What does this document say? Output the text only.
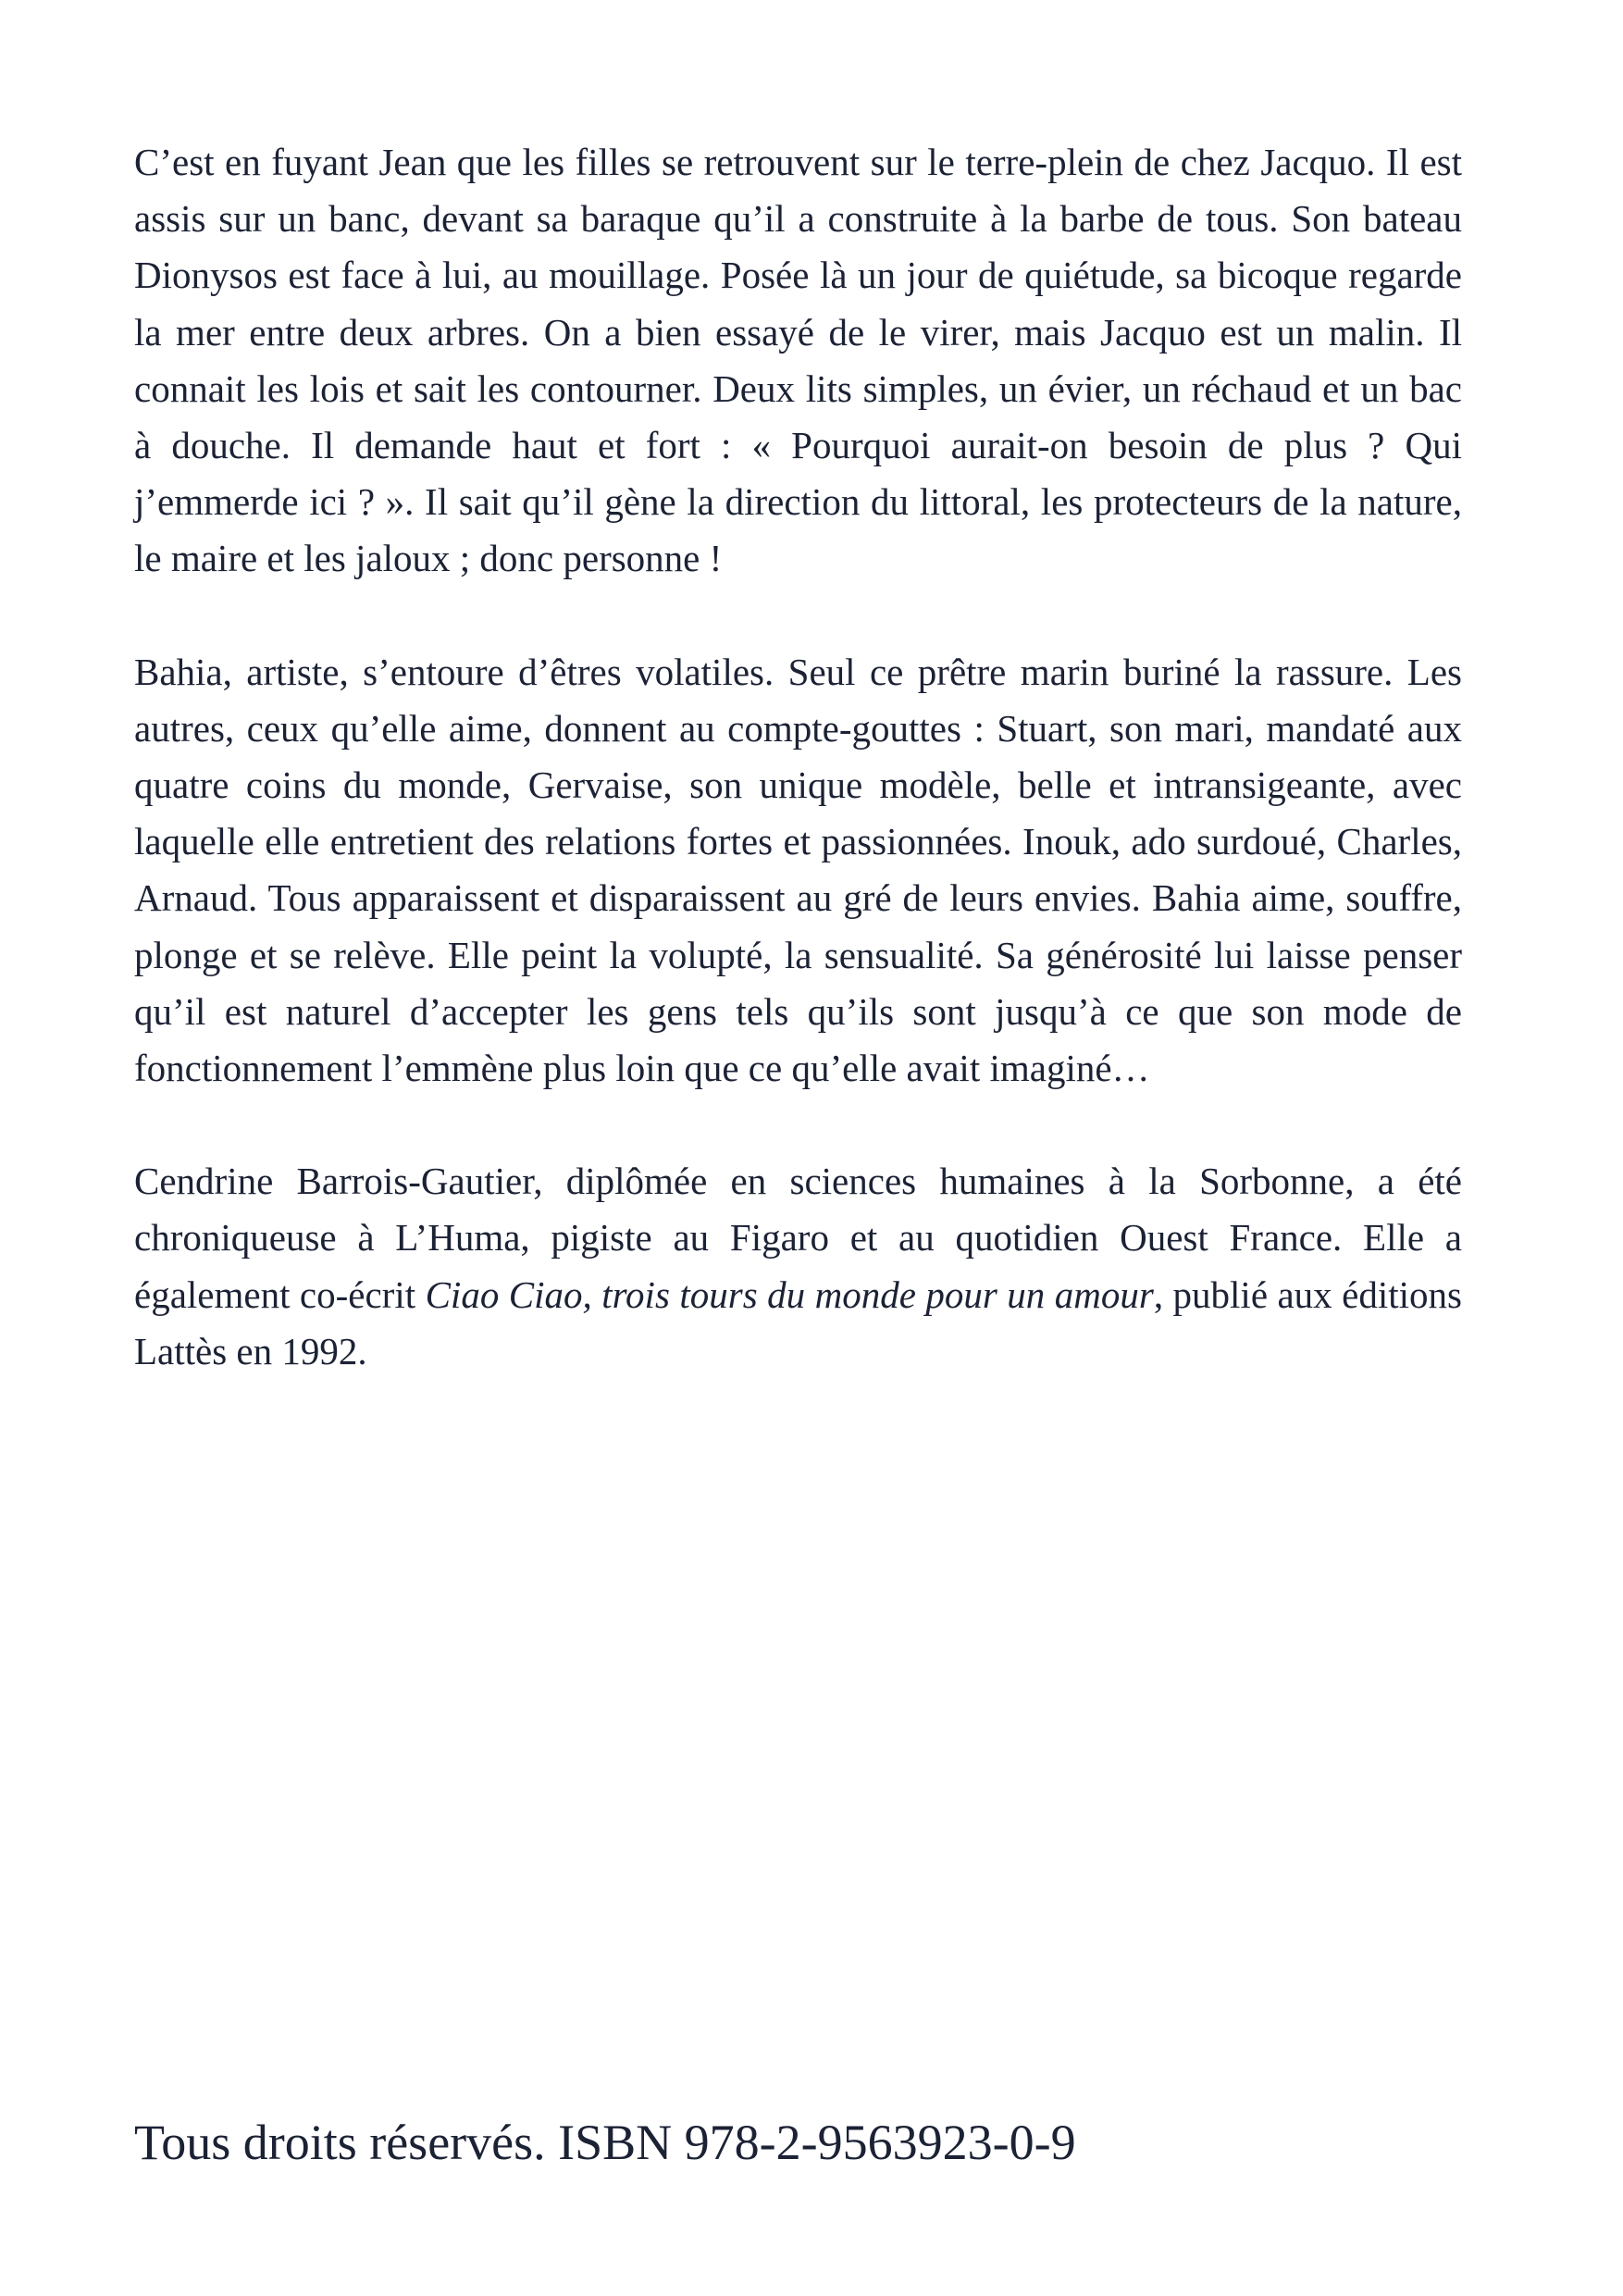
C’est en fuyant Jean que les filles se retrouvent sur le terre-plein de chez Jacquo. Il est assis sur un banc, devant sa baraque qu’il a construite à la barbe de tous. Son bateau Dionysos est face à lui, au mouillage. Posée là un jour de quiétude, sa bicoque regarde la mer entre deux arbres. On a bien essayé de le virer, mais Jacquo est un malin. Il connait les lois et sait les contourner. Deux lits simples, un évier, un réchaud et un bac à douche. Il demande haut et fort : « Pourquoi aurait-on besoin de plus ? Qui j’emmerde ici ? ». Il sait qu’il gène la direction du littoral, les protecteurs de la nature, le maire et les jaloux ; donc personne !

Bahia, artiste, s’entoure d’êtres volatiles. Seul ce prêtre marin buriné la rassure. Les autres, ceux qu’elle aime, donnent au compte-gouttes : Stuart, son mari, mandaté aux quatre coins du monde, Gervaise, son unique modèle, belle et intransigeante, avec laquelle elle entretient des relations fortes et passionnées. Inouk, ado surdoué, Charles, Arnaud. Tous apparaissent et disparaissent au gré de leurs envies. Bahia aime, souffre, plonge et se relève. Elle peint la volupté, la sensualité. Sa générosité lui laisse penser qu’il est naturel d’accepter les gens tels qu’ils sont jusqu’à ce que son mode de fonctionnement l’emmène plus loin que ce qu’elle avait imaginé…

Cendrine Barrois-Gautier, diplômée en sciences humaines à la Sorbonne, a été chroniqueuse à L’Huma, pigiste au Figaro et au quotidien Ouest France. Elle a également co-écrit Ciao Ciao, trois tours du monde pour un amour, publié aux éditions Lattès en 1992.

Tous droits réservés. ISBN 978-2-9563923-0-9
